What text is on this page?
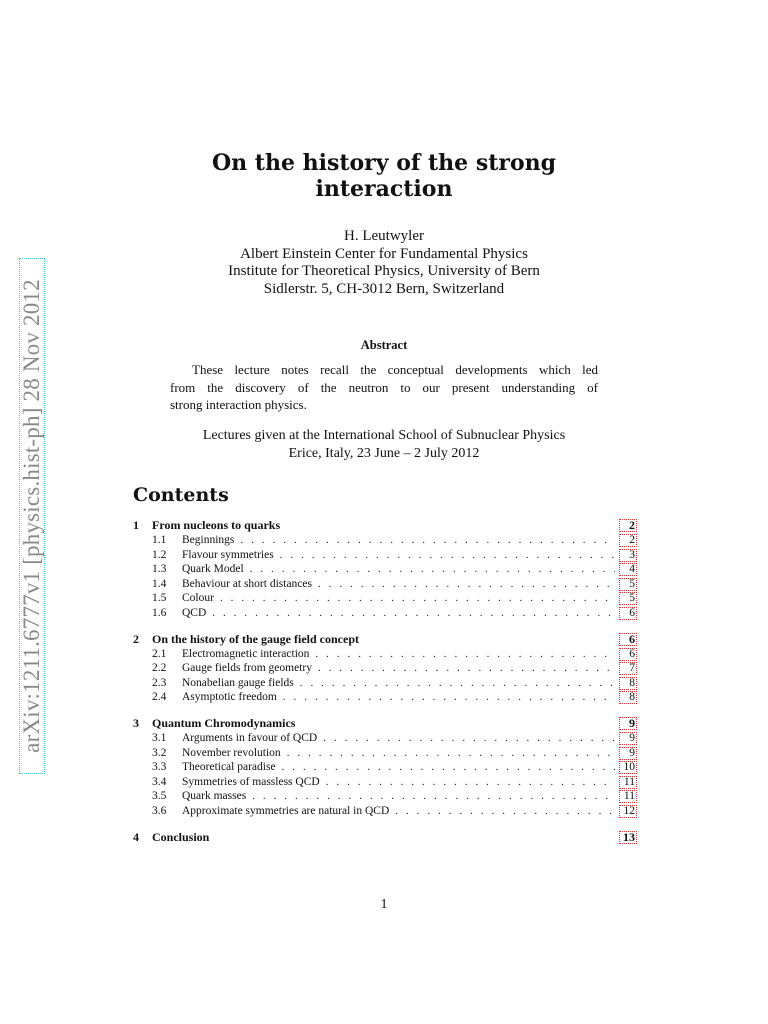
arXiv:1211.6777v1 [physics.hist-ph] 28 Nov 2012
On the history of the strong
interaction
H. Leutwyler
Albert Einstein Center for Fundamental Physics
Institute for Theoretical Physics, University of Bern
Sidlerstr. 5, CH-3012 Bern, Switzerland
Abstract
These lecture notes recall the conceptual developments which led
from the discovery of the neutron to our present understanding of
strong interaction physics.
Lectures given at the International School of Subnuclear Physics
Erice, Italy, 23 June – 2 July 2012
Contents
1	From nucleons to quarks	2
1.1	Beginnings . . .	2
1.2	Flavour symmetries . . .	3
1.3	Quark Model . . .	4
1.4	Behaviour at short distances . . .	5
1.5	Colour . . .	5
1.6	QCD . . .	6
2	On the history of the gauge field concept	6
2.1	Electromagnetic interaction . . .	6
2.2	Gauge fields from geometry . . .	7
2.3	Nonabelian gauge fields . . .	8
2.4	Asymptotic freedom . . .	8
3	Quantum Chromodynamics	9
3.1	Arguments in favour of QCD . . .	9
3.2	November revolution . . .	9
3.3	Theoretical paradise . . .	10
3.4	Symmetries of massless QCD . . .	11
3.5	Quark masses . . .	11
3.6	Approximate symmetries are natural in QCD . . .	12
4	Conclusion	13
1
